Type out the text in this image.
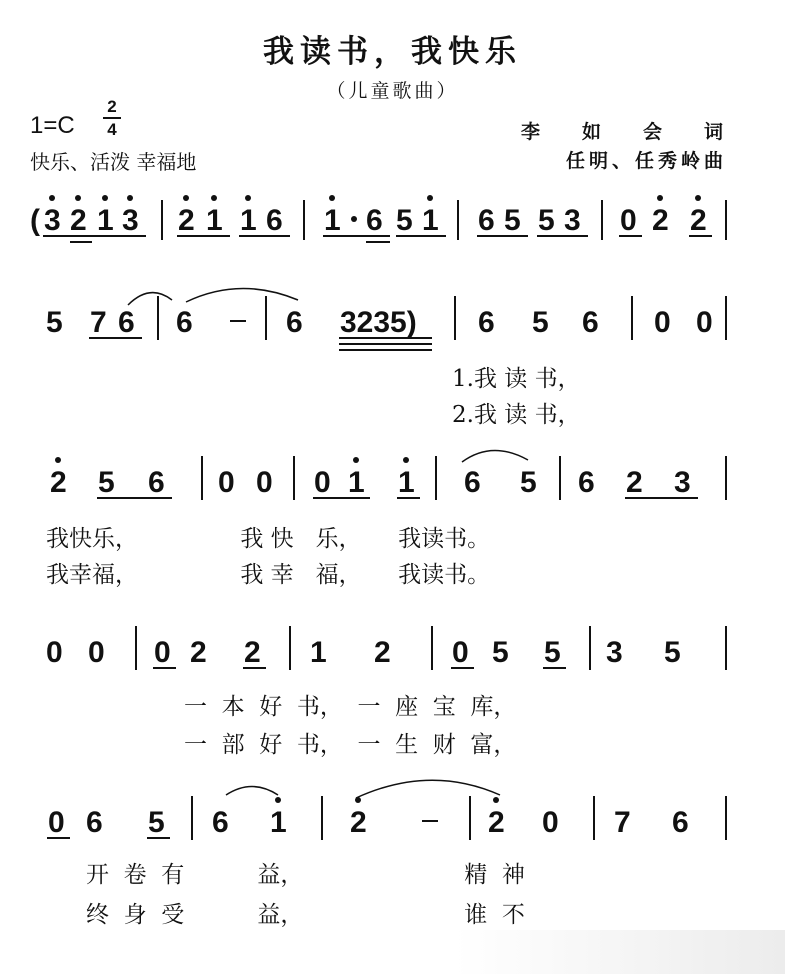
我读书，我快乐
（儿童歌曲）
1=C
2
4
快乐、活泼 幸福地
李如会词
任明、任秀岭曲
( 3 2 1 3 2 1 1 6 1 6 5 1 6 5 5 3 0 2 2
5 7 6 6	6 3235) 6 5 6 0 0
2 5 6 0 0 0 1 1 6 5 6 2 3
0 0 0 2 2 1 2 0 5 5 3 5
0 6 5 6 1 2	2 0 7 6
1.我 读 书，
2.我 读 书，
我快乐，              我 快   乐，     我读书。
我幸福，              我 幸   福，     我读书。
一  本  好  书，  一  座  宝  库，
一  部  好  书，  一  生  财  富，
开  卷  有          益，                      精  神
终  身  受          益，                      谁  不
